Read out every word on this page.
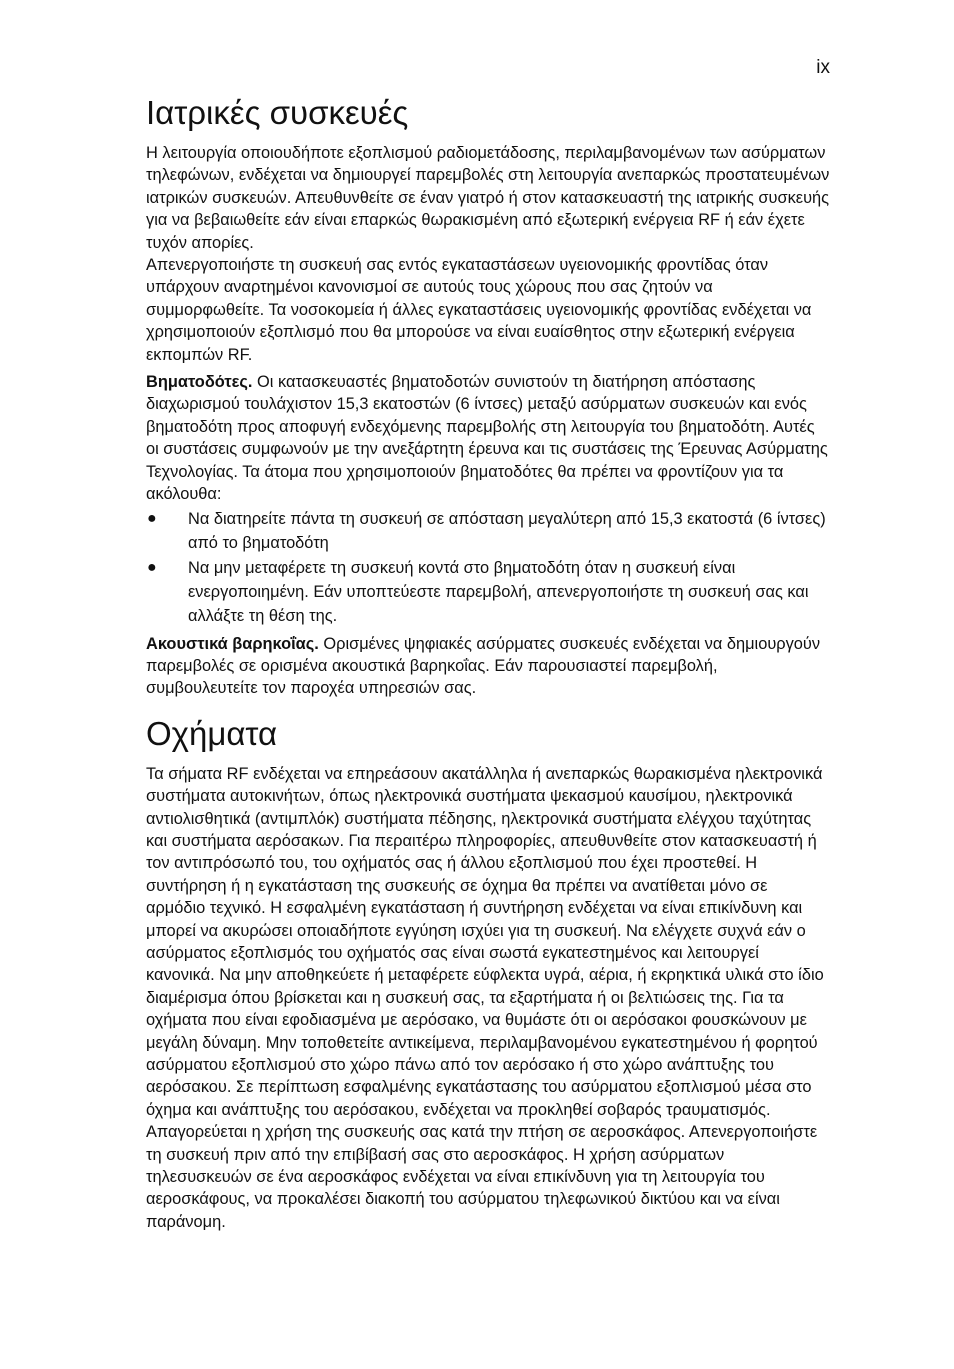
ix
Ιατρικές συσκευές

Η λειτουργία οποιουδήποτε εξοπλισμού ραδιομετάδοσης, περιλαμβανομένων των ασύρματων τηλεφώνων, ενδέχεται να δημιουργεί παρεμβολές στη λειτουργία ανεπαρκώς προστατευμένων ιατρικών συσκευών. Απευθυνθείτε σε έναν γιατρό ή στον κατασκευαστή της ιατρικής συσκευής για να βεβαιωθείτε εάν είναι επαρκώς θωρακισμένη από εξωτερική ενέργεια RF ή εάν έχετε τυχόν απορίες.

Απενεργοποιήστε τη συσκευή σας εντός εγκαταστάσεων υγειονομικής φροντίδας όταν υπάρχουν αναρτημένοι κανονισμοί σε αυτούς τους χώρους που σας ζητούν να συμμορφωθείτε. Τα νοσοκομεία ή άλλες εγκαταστάσεις υγειονομικής φροντίδας ενδέχεται να χρησιμοποιούν εξοπλισμό που θα μπορούσε να είναι ευαίσθητος στην εξωτερική ενέργεια εκπομπών RF.

Βηματοδότες. Οι κατασκευαστές βηματοδοτών συνιστούν τη διατήρηση απόστασης διαχωρισμού τουλάχιστον 15,3 εκατοστών (6 ίντσες) μεταξύ ασύρματων συσκευών και ενός βηματοδότη προς αποφυγή ενδεχόμενης παρεμβολής στη λειτουργία του βηματοδότη. Αυτές οι συστάσεις συμφωνούν με την ανεξάρτητη έρευνα και τις συστάσεις της Έρευνας Ασύρματης Τεχνολογίας. Τα άτομα που χρησιμοποιούν βηματοδότες θα πρέπει να φροντίζουν για τα ακόλουθα:

● Να διατηρείτε πάντα τη συσκευή σε απόσταση μεγαλύτερη από 15,3 εκατοστά (6 ίντσες) από το βηματοδότη
● Να μην μεταφέρετε τη συσκευή κοντά στο βηματοδότη όταν η συσκευή είναι ενεργοποιημένη. Εάν υποπτεύεστε παρεμβολή, απενεργοποιήστε τη συσκευή σας και αλλάξτε τη θέση της.

Ακουστικά βαρηκοΐας. Ορισμένες ψηφιακές ασύρματες συσκευές ενδέχεται να δημιουργούν παρεμβολές σε ορισμένα ακουστικά βαρηκοΐας. Εάν παρουσιαστεί παρεμβολή, συμβουλευτείτε τον παροχέα υπηρεσιών σας.

Οχήματα

Τα σήματα RF ενδέχεται να επηρεάσουν ακατάλληλα ή ανεπαρκώς θωρακισμένα ηλεκτρονικά συστήματα αυτοκινήτων, όπως ηλεκτρονικά συστήματα ψεκασμού καυσίμου, ηλεκτρονικά αντιολισθητικά (αντιμπλόκ) συστήματα πέδησης, ηλεκτρονικά συστήματα ελέγχου ταχύτητας και συστήματα αερόσακων. Για περαιτέρω πληροφορίες, απευθυνθείτε στον κατασκευαστή ή τον αντιπρόσωπό του, του οχήματός σας ή άλλου εξοπλισμού που έχει προστεθεί. Η συντήρηση ή η εγκατάσταση της συσκευής σε όχημα θα πρέπει να ανατίθεται μόνο σε αρμόδιο τεχνικό. Η εσφαλμένη εγκατάσταση ή συντήρηση ενδέχεται να είναι επικίνδυνη και μπορεί να ακυρώσει οποιαδήποτε εγγύηση ισχύει για τη συσκευή. Να ελέγχετε συχνά εάν ο ασύρματος εξοπλισμός του οχήματός σας είναι σωστά εγκατεστημένος και λειτουργεί κανονικά. Να μην αποθηκεύετε ή μεταφέρετε εύφλεκτα υγρά, αέρια, ή εκρηκτικά υλικά στο ίδιο διαμέρισμα όπου βρίσκεται και η συσκευή σας, τα εξαρτήματα ή οι βελτιώσεις της. Για τα οχήματα που είναι εφοδιασμένα με αερόσακο, να θυμάστε ότι οι αερόσακοι φουσκώνουν με μεγάλη δύναμη. Μην τοποθετείτε αντικείμενα, περιλαμβανομένου εγκατεστημένου ή φορητού ασύρματου εξοπλισμού στο χώρο πάνω από τον αερόσακο ή στο χώρο ανάπτυξης του αερόσακου. Σε περίπτωση εσφαλμένης εγκατάστασης του ασύρματου εξοπλισμού μέσα στο όχημα και ανάπτυξης του αερόσακου, ενδέχεται να προκληθεί σοβαρός τραυματισμός.

Απαγορεύεται η χρήση της συσκευής σας κατά την πτήση σε αεροσκάφος. Απενεργοποιήστε τη συσκευή πριν από την επιβίβασή σας στο αεροσκάφος. Η χρήση ασύρματων τηλεσυσκευών σε ένα αεροσκάφος ενδέχεται να είναι επικίνδυνη για τη λειτουργία του αεροσκάφους, να προκαλέσει διακοπή του ασύρματου τηλεφωνικού δικτύου και να είναι παράνομη.
